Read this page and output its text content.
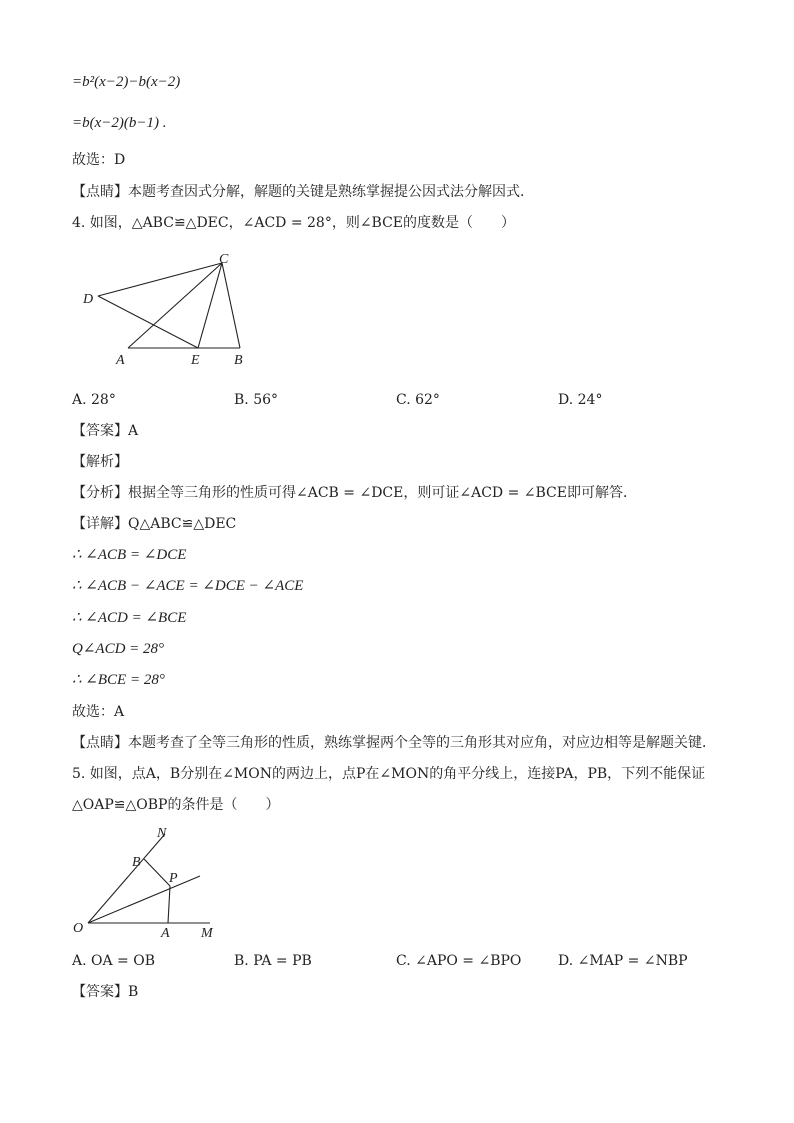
=b²(x−2)−b(x−2)
=b(x−2)(b−1) .
故选：D
【点睛】本题考查因式分解，解题的关键是熟练掌握提公因式法分解因式．
4. 如图，△ABC≌△DEC，∠ACD = 28°，则∠BCE的度数是（　　）
C
D
A	E B
A. 28°	B. 56°	C. 62°	D. 24°
【答案】A
【解析】
【分析】根据全等三角形的性质可得∠ACB = ∠DCE，则可证∠ACD = ∠BCE即可解答．
【详解】Q△ABC≌△DEC
∴ ∠ACB = ∠DCE
∴ ∠ACB − ∠ACE = ∠DCE − ∠ACE
∴ ∠ACD = ∠BCE
Q∠ACD = 28°
∴ ∠BCE = 28°
故选：A
【点睛】本题考查了全等三角形的性质，熟练掌握两个全等的三角形其对应角，对应边相等是解题关键．
5. 如图，点A，B分别在∠MON的两边上，点P在∠MON的角平分线上，连接PA，PB，下列不能保证
△OAP≌△OBP的条件是（　　）
N
B
P
O	A M
A. OA = OB	B. PA = PB	C. ∠APO = ∠BPO	D. ∠MAP = ∠NBP
【答案】B
